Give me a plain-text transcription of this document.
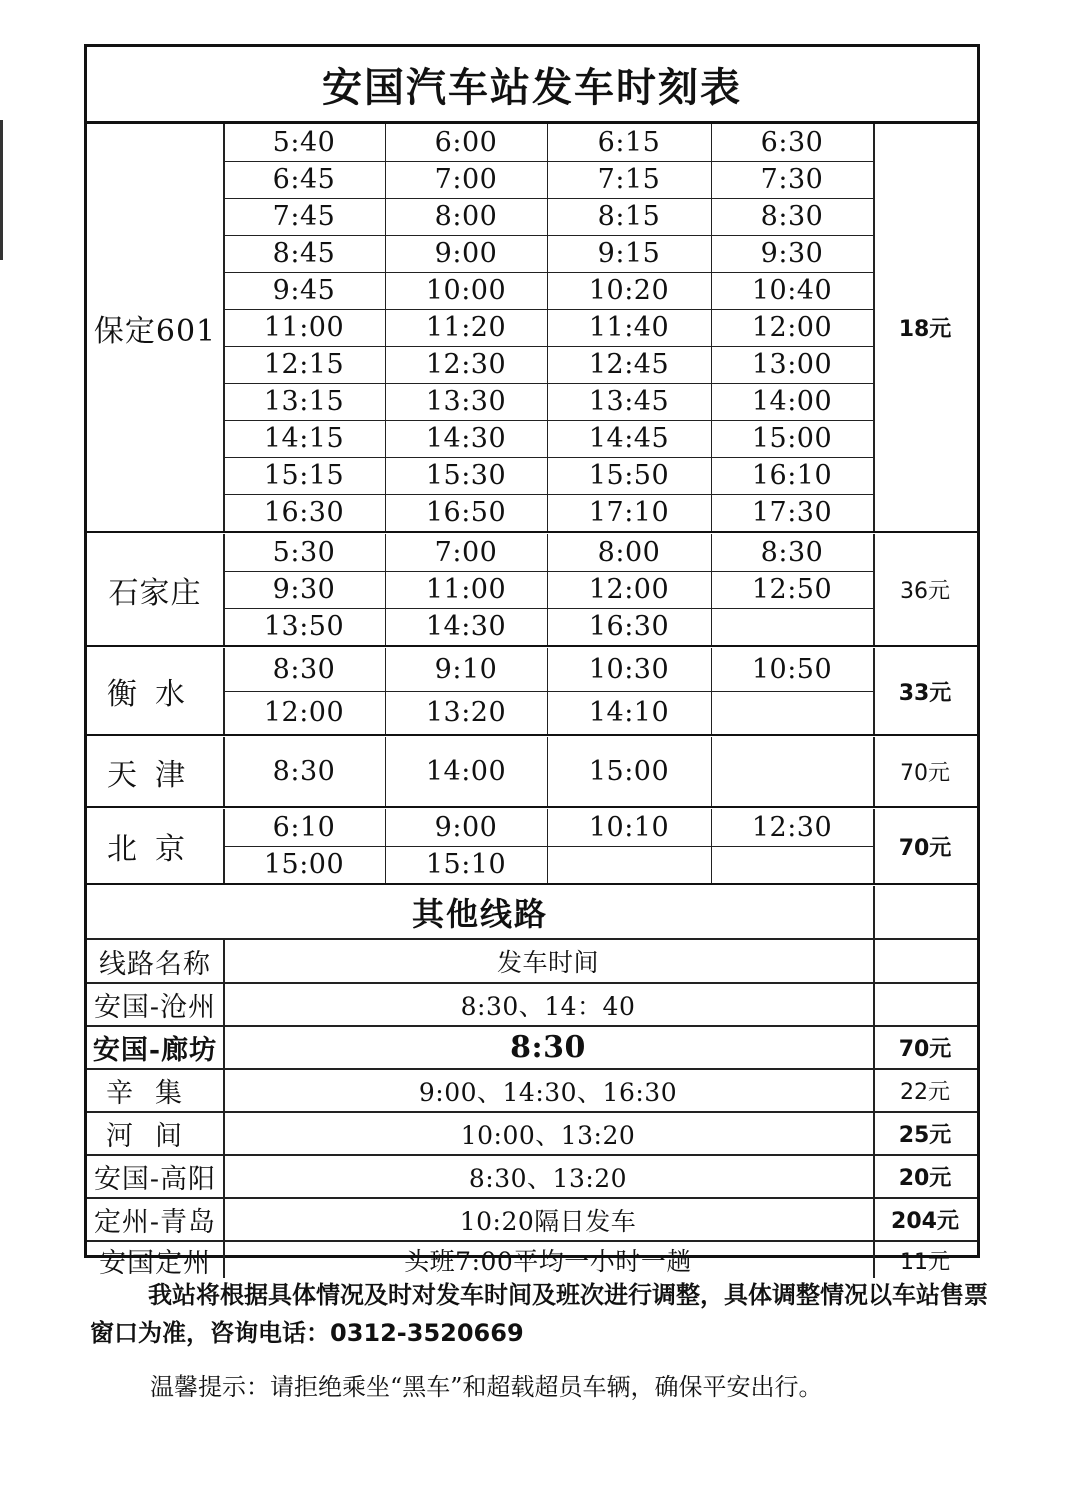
安国汽车站发车时刻表
5:40	6:00	6:15	6:30
6:45	7:00	7:15	7:30
7:45	8:00	8:15	8:30
8:45	9:00	9:15	9:30
9:45	10:00	10:20	10:40
11:00	11:20	11:40	12:00
12:15	12:30	12:45	13:00
13:15	13:30	13:45	14:00
14:15	14:30	14:45	15:00
15:15	15:30	15:50	16:10
16:30	16:50	17:10	17:30
保定601	18元
5:30	7:00	8:00	8:30
9:30	11:00	12:00	12:50
13:50	14:30	16:30
石家庄	36元
8:30	9:10	10:30	10:50
12:00	13:20	14:10
衡水	33元
8:30	14:00	15:00
天津	70元
6:10	9:00	10:10	12:30
15:00	15:10
北京	70元
其他线路
线路名称	发车时间
安国-沧州	8:30、14：40
安国-廊坊	8:30	70元
辛集	9:00、14:30、16:30	22元
河间	10:00、13:20	25元
安国-高阳	8:30、13:20	20元
定州-青岛	10:20隔日发车	204元
安国定州	头班7:00平均一小时一趟	11元
我站将根据具体情况及时对发车时间及班次进行调整，具体调整情况以车站售票窗口为准，咨询电话：0312-3520669
温馨提示：请拒绝乘坐“黑车”和超载超员车辆，确保平安出行。
